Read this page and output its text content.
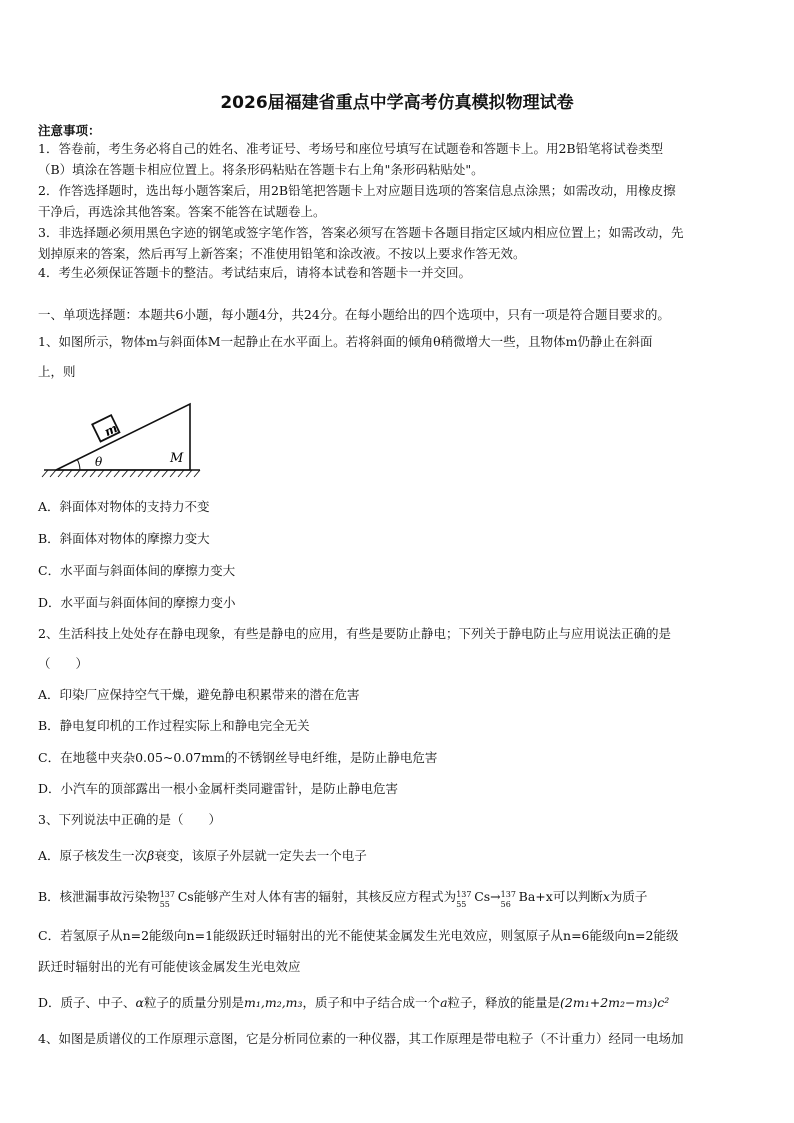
2026届福建省重点中学高考仿真模拟物理试卷
注意事项：
1．答卷前，考生务必将自己的姓名、准考证号、考场号和座位号填写在试题卷和答题卡上。用2B铅笔将试卷类型
（B）填涂在答题卡相应位置上。将条形码粘贴在答题卡右上角"条形码粘贴处"。
2．作答选择题时，选出每小题答案后，用2B铅笔把答题卡上对应题目选项的答案信息点涂黑；如需改动，用橡皮擦
干净后，再选涂其他答案。答案不能答在试题卷上。
3．非选择题必须用黑色字迹的钢笔或签字笔作答，答案必须写在答题卡各题目指定区域内相应位置上；如需改动，先
划掉原来的答案，然后再写上新答案；不准使用铅笔和涂改液。不按以上要求作答无效。
4．考生必须保证答题卡的整洁。考试结束后，请将本试卷和答题卡一并交回。
一、单项选择题：本题共6小题，每小题4分，共24分。在每小题给出的四个选项中，只有一项是符合题目要求的。
1、如图所示，物体m与斜面体M一起静止在水平面上。若将斜面的倾角θ稍微增大一些，且物体m仍静止在斜面
上，则
m
θ	M
A．斜面体对物体的支持力不变
B．斜面体对物体的摩擦力变大
C．水平面与斜面体间的摩擦力变大
D．水平面与斜面体间的摩擦力变小
2、生活科技上处处存在静电现象，有些是静电的应用，有些是要防止静电；下列关于静电防止与应用说法正确的是
（　　）
A．印染厂应保持空气干燥，避免静电积累带来的潜在危害
B．静电复印机的工作过程实际上和静电完全无关
C．在地毯中夹杂0.05~0.07mm的不锈钢丝导电纤维，是防止静电危害
D．小汽车的顶部露出一根小金属杆类同避雷针，是防止静电危害
3、下列说法中正确的是（　　）
A．原子核发生一次β衰变，该原子外层就一定失去一个电子
B．核泄漏事故污染物 137
55
Cs能够产生对人体有害的辐射，其核反应方程式为 137
55
Cs→ 137
56
Ba+x可以判断x为质子
C．若氢原子从n=2能级向n=1能级跃迁时辐射出的光不能使某金属发生光电效应，则氢原子从n=6能级向n=2能级
跃迁时辐射出的光有可能使该金属发生光电效应
D．质子、中子、α粒子的质量分别是m₁,m₂,m₃，质子和中子结合成一个a粒子，释放的能量是(2m₁+2m₂−m₃)c²
4、如图是质谱仪的工作原理示意图，它是分析同位素的一种仪器，其工作原理是带电粒子（不计重力）经同一电场加
